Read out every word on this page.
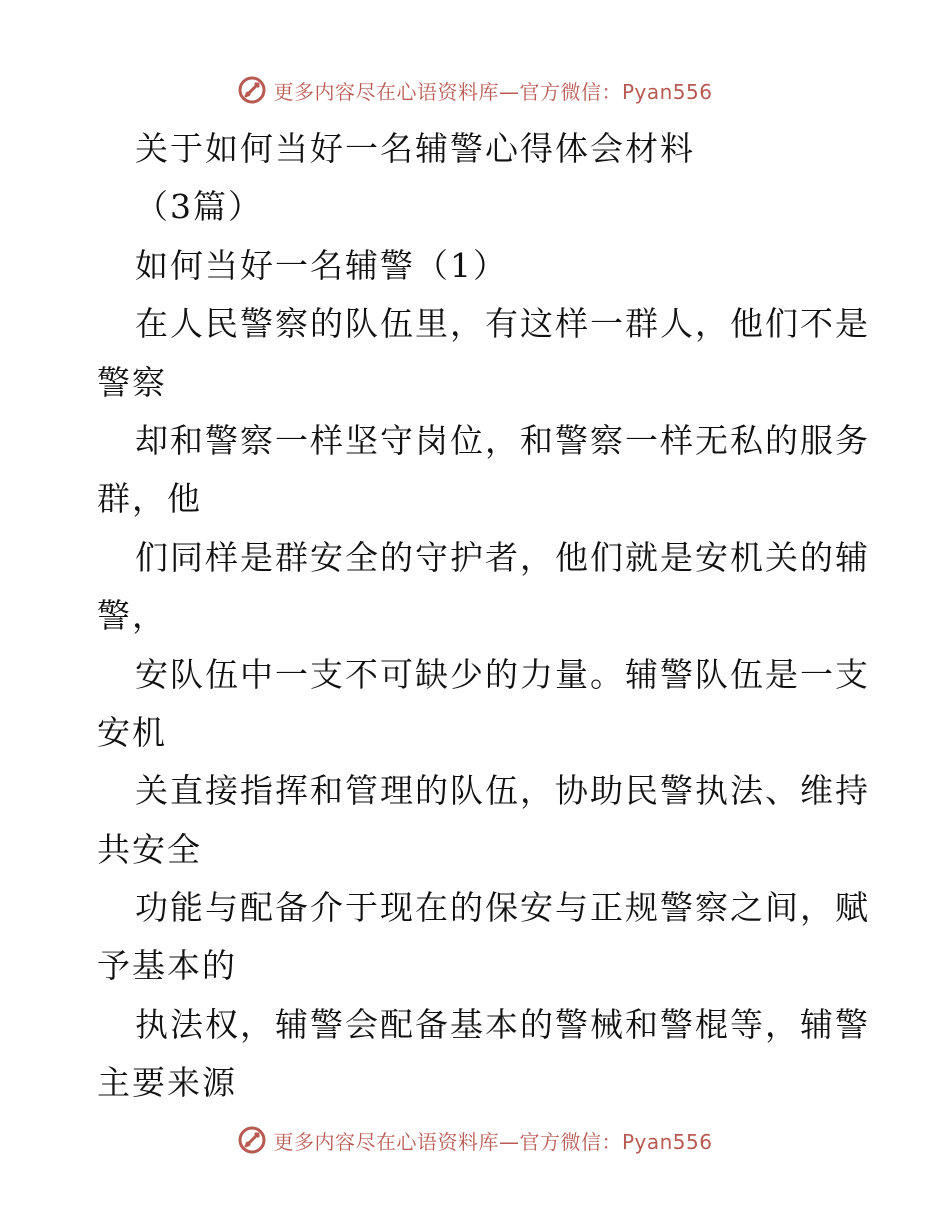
更多内容尽在心语资料库—官方微信：Pyan556
关于如何当好一名辅警心得体会材料
（3篇）
如何当好一名辅警（1）
在人民警察的队伍里，有这样一群人，他们不是
警察
却和警察一样坚守岗位，和警察一样无私的服务
群，他
们同样是群安全的守护者，他们就是安机关的辅
警，
安队伍中一支不可缺少的力量。辅警队伍是一支
安机
关直接指挥和管理的队伍，协助民警执法、维持
共安全
功能与配备介于现在的保安与正规警察之间，赋
予基本的
执法权，辅警会配备基本的警械和警棍等，辅警
主要来源
更多内容尽在心语资料库—官方微信：Pyan556
